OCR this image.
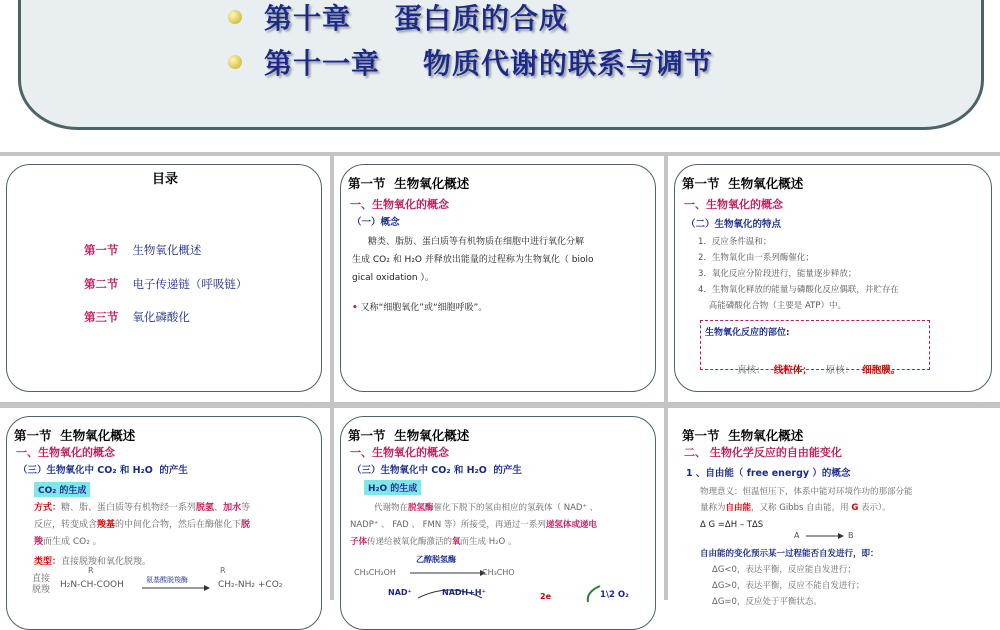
第十章    蛋白质的合成
第十一章    物质代谢的联系与调节
目录

第一节 生物氧化概述

第二节 电子传递链（呼吸链）

第三节 氧化磷酸化

第一节  生物氧化概述
一、生物氧化的概念
（一）概念
糖类、脂肪、蛋白质等有机物质在细胞中进行氧化分解
生成 CO₂ 和 H₂O 并释放出能量的过程称为生物氧化（ biolo
gical oxidation ）。
• 又称“细胞氧化”或“细胞呼吸”。
第一节  生物氧化概述
一、生物氧化的概念
（二）生物氧化的特点
1．反应条件温和；
2．生物氧化由一系列酶催化；
3．氧化反应分阶段进行，能量逐步释放；
4．生物氧化释放的能量与磷酸化反应偶联，并贮存在
高能磷酸化合物（主要是 ATP）中。
生物氧化反应的部位:

真核： 线粒体； 原核： 细胞膜。

第一节  生物氧化概述
一、生物氧化的概念
（三）生物氧化中 CO₂ 和 H₂O  的产生
CO₂ 的生成
方式：糖、脂、蛋白质等有机物经一系列脱氢、加水等
反应，转变成含羧基的中间化合物，然后在酶催化下脱
羧而生成 CO₂ 。
类型：直接脱羧和氧化脱羧。
直接
脱羧
R
H₂N-CH-COOH	氨基酸脱羧酶
R
CH₂-NH₂ +CO₂
第一节  生物氧化概述
一、生物氧化的概念
（三）生物氧化中 CO₂ 和 H₂O  的产生
H₂O 的生成
代谢物在脱氢酶催化下脱下的氢由相应的氢载体（ NAD⁺ 、
NADP⁺ 、 FAD 、 FMN 等）所接受，再通过一系列递氢体或递电
子体传递给被氧化酶激活的氧而生成 H₂O 。
乙醇脱氢酶
CH₃CH₂OH	CH₃CHO
NAD⁺	NADH+H⁺	2e	1\2 O₂
第一节  生物氧化概述
二、 生物化学反应的自由能变化
1 、自由能（ free energy ）的概念
物理意义：恒温恒压下，体系中能对环境作功的那部分能
量称为自由能，又称 Gibbs 自由能，用 G 表示）。
Δ G =ΔH – TΔS
A	B
自由能的变化预示某一过程能否自发进行，即：
ΔG<0，表达平衡，反应能自发进行；
ΔG>0，表达平衡，反应不能自发进行；
ΔG=0，反应处于平衡状态。
